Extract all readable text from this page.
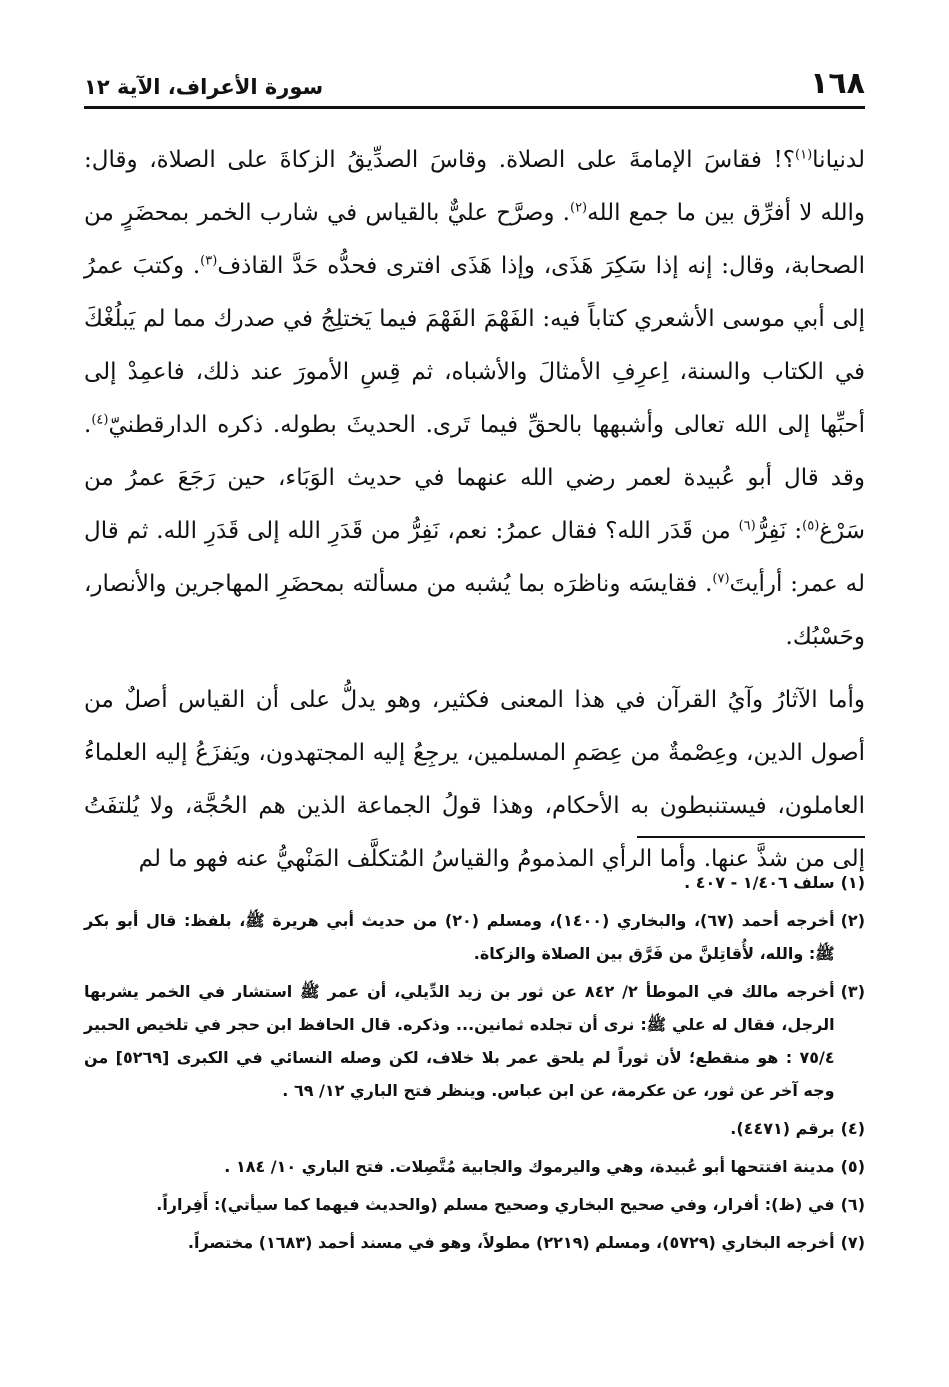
١٦٨
سورة الأعراف، الآية ١٢

لدنيانا$^{(١)}$؟! فقاسَ الإمامةَ على الصلاة. وقاسَ الصدِّيقُ الزكاةَ على الصلاة، وقال: والله لا أفرِّق بين ما جمع الله$^{(٢)}$. وصرَّح عليٌّ بالقياس في شارب الخمر بمحضَرٍ من الصحابة، وقال: إنه إذا سَكِرَ هَذَى، وإذا هَذَى افترى فحدُّه حَدَّ القاذف$^{(٣)}$. وكتبَ عمرُ إلى أبي موسى الأشعري كتاباً فيه: الفَهْمَ الفَهْمَ فيما يَختلِجُ في صدرك مما لم يَبلُغْكَ في الكتاب والسنة، اِعرِفِ الأمثالَ والأشباه، ثم قِسِ الأمورَ عند ذلك، فاعمِدْ إلى أحبِّها إلى الله تعالى وأشبهها بالحقِّ فيما تَرى. الحديثَ بطوله. ذكره الدارقطنيّ$^{(٤)}$. وقد قال أبو عُبيدة لعمر رضي الله عنهما في حديث الوَبَاء، حين رَجَعَ عمرُ من سَرْغ$^{(٥)}$: نَفِرُّ$^{(٦)}$ من قَدَر الله؟ فقال عمرُ: نعم، نَفِرُّ من قَدَرِ الله إلى قَدَرِ الله. ثم قال له عمر: أرأيتَ$^{(٧)}$. فقايسَه وناظرَه بما يُشبه من مسألته بمحضَرِ المهاجرين والأنصار، وحَسْبُك.

وأما الآثارُ وآيُ القرآن في هذا المعنى فكثير، وهو يدلُّ على أن القياس أصلٌ من أصول الدين، وعِصْمةٌ من عِصَمِ المسلمين، يرجِعُ إليه المجتهدون، ويَفزَعُ إليه العلماءُ العاملون، فيستنبطون به الأحكام، وهذا قولُ الجماعة الذين هم الحُجَّة، ولا يُلتفَتُ إلى من شذَّ عنها. وأما الرأي المذمومُ والقياسُ المُتكلَّف المَنْهيُّ عنه فهو ما لم

(١)
سلف ١/٤٠٦ - ٤٠٧ .
(٢)
أخرجه أحمد (٦٧)، والبخاري (١٤٠٠)، ومسلم (٢٠) من حديث أبي هريرة ﷺ، بلفظ: قال أبو بكر ﷺ: والله، لأُقاتِلنَّ من فَرَّق بين الصلاة والزكاة.
(٣)
أخرجه مالك في الموطأ ٢/ ٨٤٢ عن ثور بن زيد الدِّيلي، أن عمر ﷺ استشار في الخمر يشربها الرجل، فقال له علي ﷺ: نرى أن تجلده ثمانين... وذكره. قال الحافظ ابن حجر في تلخيص الحبير ٧٥/٤ : هو منقطع؛ لأن ثوراً لم يلحق عمر بلا خلاف، لكن وصله النسائي في الكبرى [٥٢٦٩] من وجه آخر عن ثور، عن عكرمة، عن ابن عباس. وينظر فتح الباري ١٢/ ٦٩ .
(٤)
برقم (٤٤٧١).
(٥)
مدينة افتتحها أبو عُبيدة، وهي واليرموك والجابية مُتَّصِلات. فتح الباري ١٠/ ١٨٤ .
(٦)
في (ظ): أفرار، وفي صحيح البخاري وصحيح مسلم (والحديث فيهما كما سيأتي): أَفِراراً.
(٧)
أخرجه البخاري (٥٧٢٩)، ومسلم (٢٢١٩) مطولاً، وهو في مسند أحمد (١٦٨٣) مختصراً.
